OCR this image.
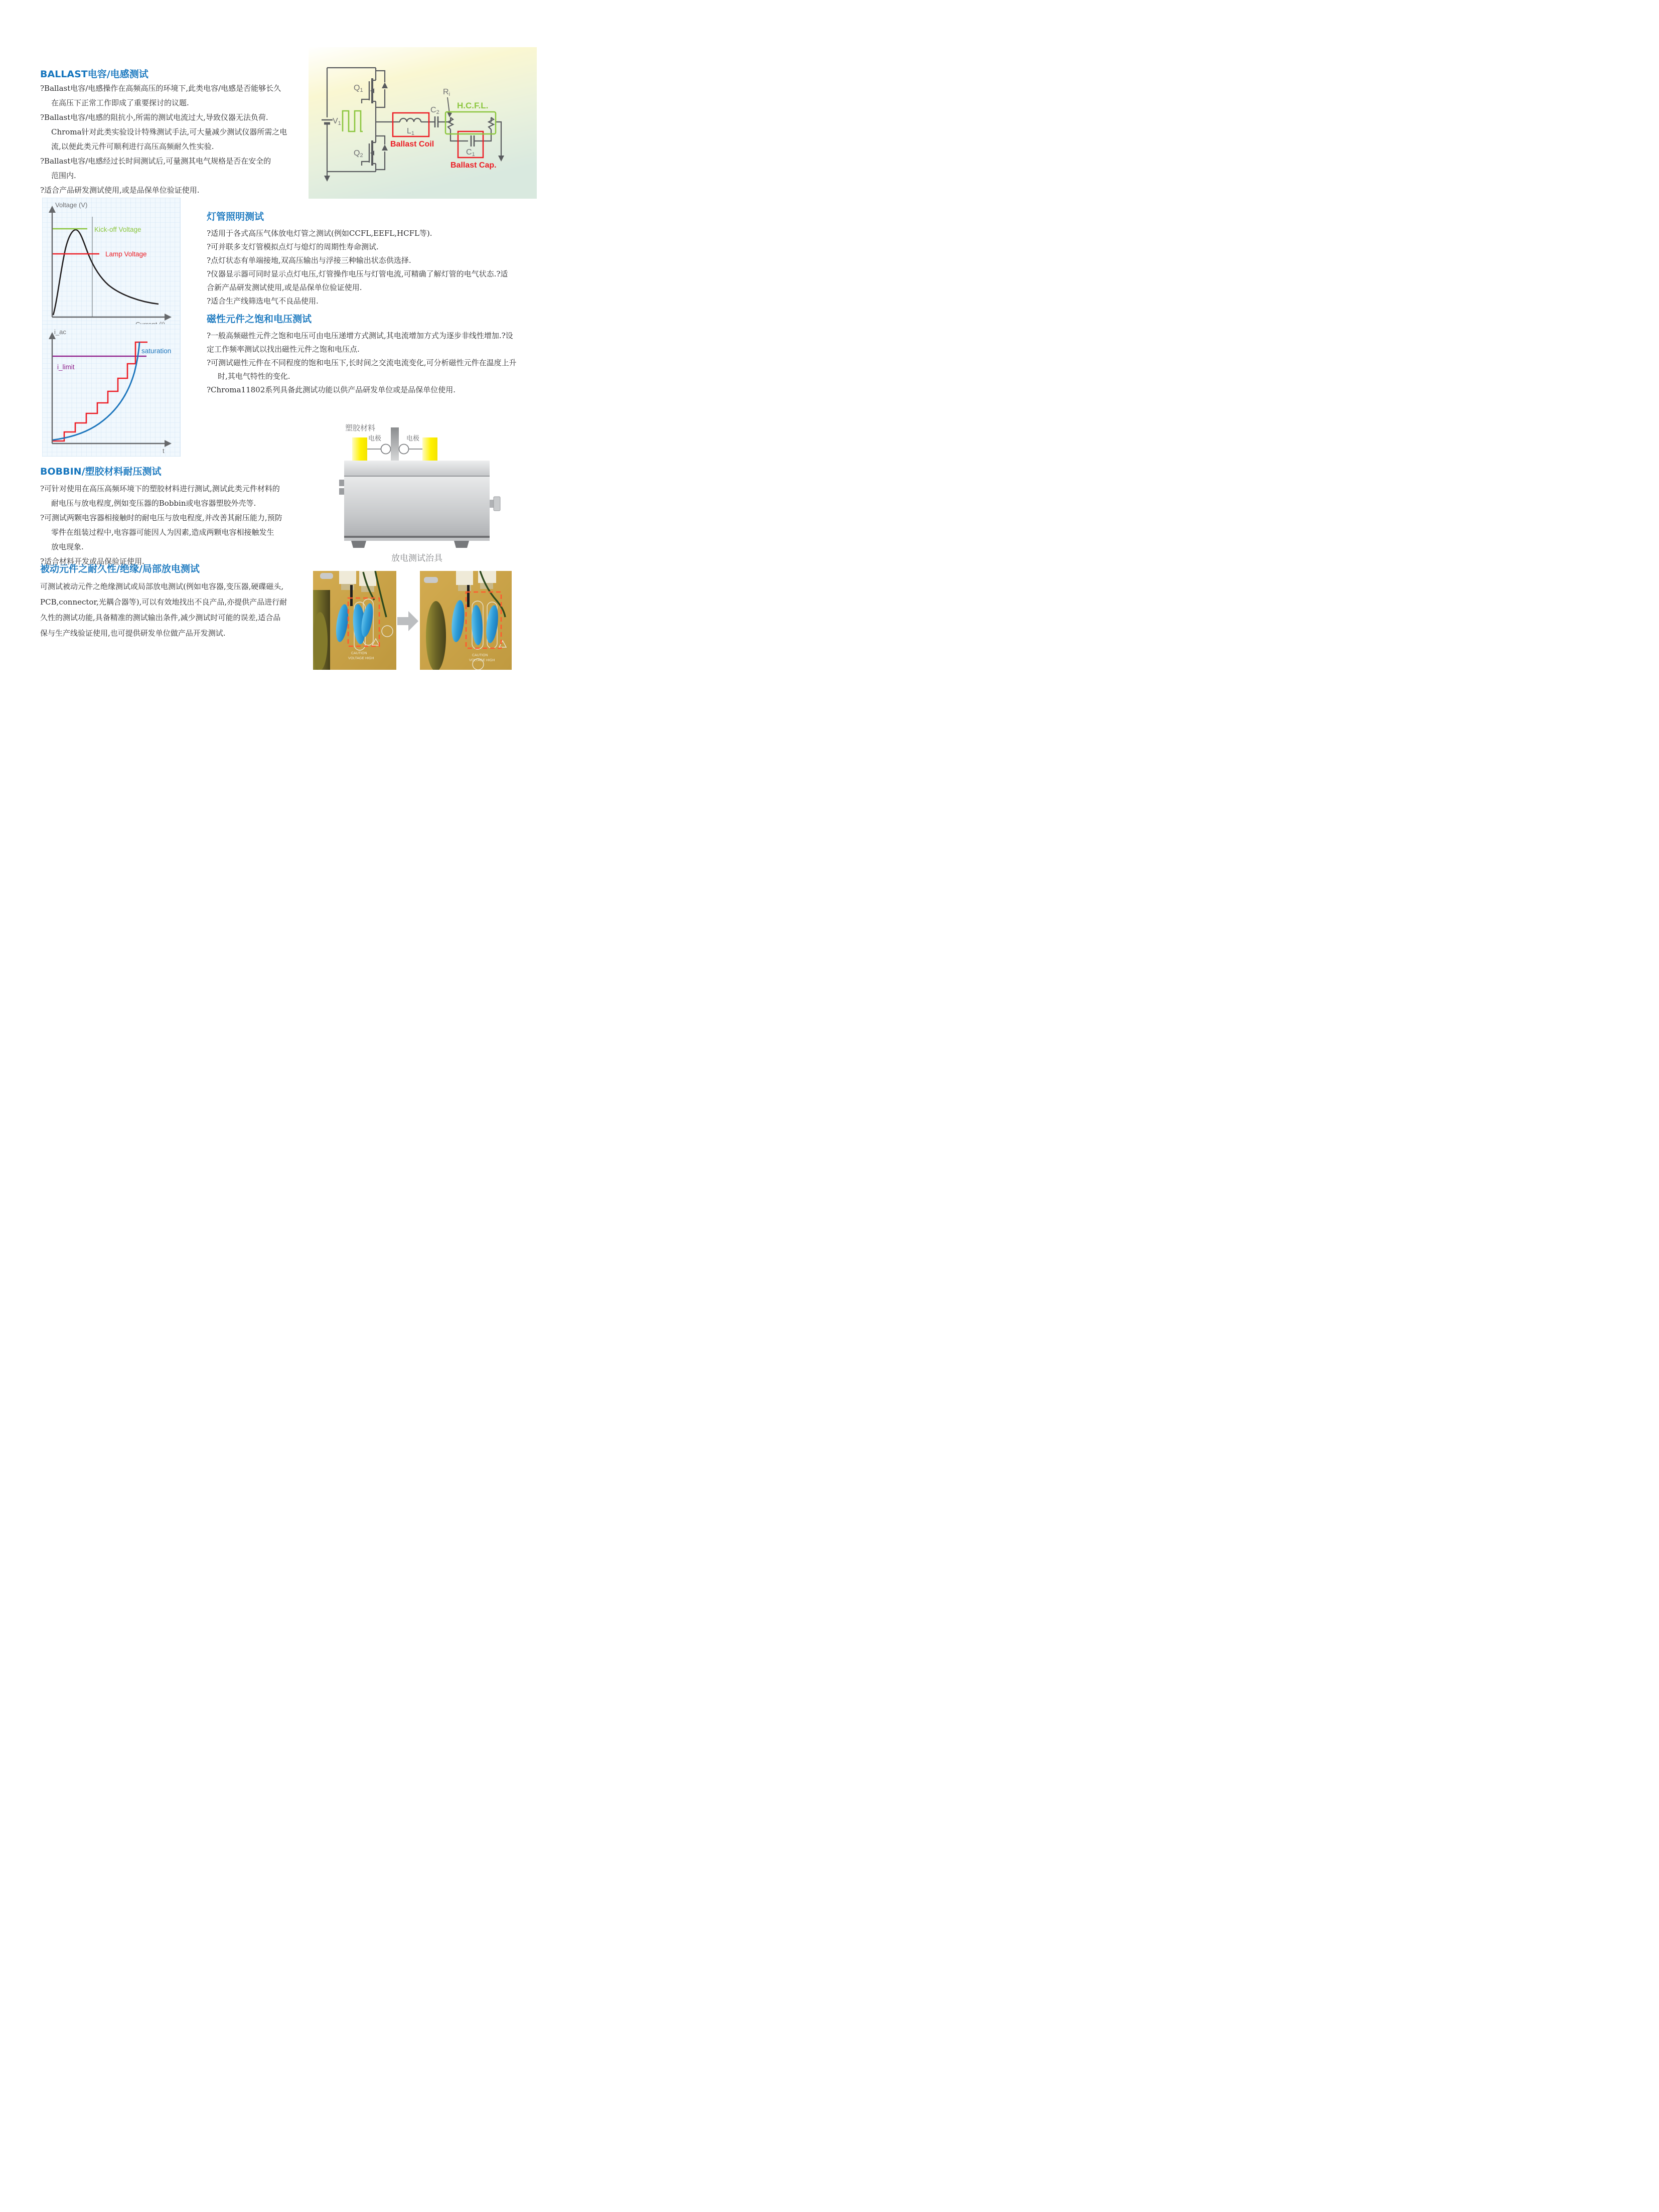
BALLAST电容/电感测试
?Ballast电容/电感操作在高频高压的环境下,此类电容/电感是否能够长久
在高压下正常工作即成了重要探讨的议题.
?Ballast电容/电感的阻抗小,所需的测试电流过大,导致仪器无法负荷.
Chroma针对此类实验设计特殊测试手法,可大量减少测试仪器所需之电
流,以便此类元件可顺利进行高压高频耐久性实验.
?Ballast电容/电感经过长时间测试后,可量测其电气规格是否在安全的
范围内.
?适合产品研发测试使用,或是品保单位验证使用.
V1
Q1
Q2
L1
C2
C1
Ri
H.C.F.L.
Ballast Coil
Ballast Cap.
Voltage (V)
Kick-off Voltage
Lamp Voltage
灯管照明测试
?适用于各式高压气体放电灯管之测试(例如CCFL,EEFL,HCFL等).
?可并联多支灯管模拟点灯与熄灯的周期性寿命测试.
?点灯状态有单端接地,双高压输出与浮接三种输出状态供选择.
?仪器显示器可同时显示点灯电压,灯管操作电压与灯管电流,可精确了解灯管的电气状态.?适
合新产品研发测试使用,或是品保单位验证使用.
?适合生产线筛选电气不良品使用.
磁性元件之饱和电压测试
?一般高频磁性元件之饱和电压可由电压递增方式测试,其电流增加方式为逐步非线性增加.?设
定工作频率测试以找出磁性元件之饱和电压点.
?可测试磁性元件在不同程度的饱和电压下,长时间之交流电流变化,可分析磁性元件在温度上升
时,其电气特性的变化.
?Chroma11802系列具备此测试功能以供产品研发单位或是品保单位使用.
i_ac
i_limit
saturation
t
BOBBIN/塑胶材料耐压测试
?可针对使用在高压高频环境下的塑胶材料进行测试,测试此类元件材料的
耐电压与放电程度,例如变压器的Bobbin或电容器塑胶外壳等.
?可测试两颗电容器相接触时的耐电压与放电程度,并改善其耐压能力,预防
零件在组装过程中,电容器可能因人为因素,造成两颗电容相接触发生
放电现象.
?适合材料开发或品保验证使用.
被动元件之耐久性/绝缘/局部放电测试
可测试被动元件之绝缘测试或局部放电测试(例如电容器,变压器,硬碟磁头,
PCB,connector,光耦合器等),可以有效地找出不良产品,亦提供产品进行耐
久性的测试功能,具备精准的测试输出条件,减少测试时可能的误差,适合品
保与生产线验证使用,也可提供研发单位做产品开发测试.
塑胶材料
电极	电极
放电测试治具
CAUTION
VOLTAGE HIGH
CAUTION
VOLTAGE HIGH
